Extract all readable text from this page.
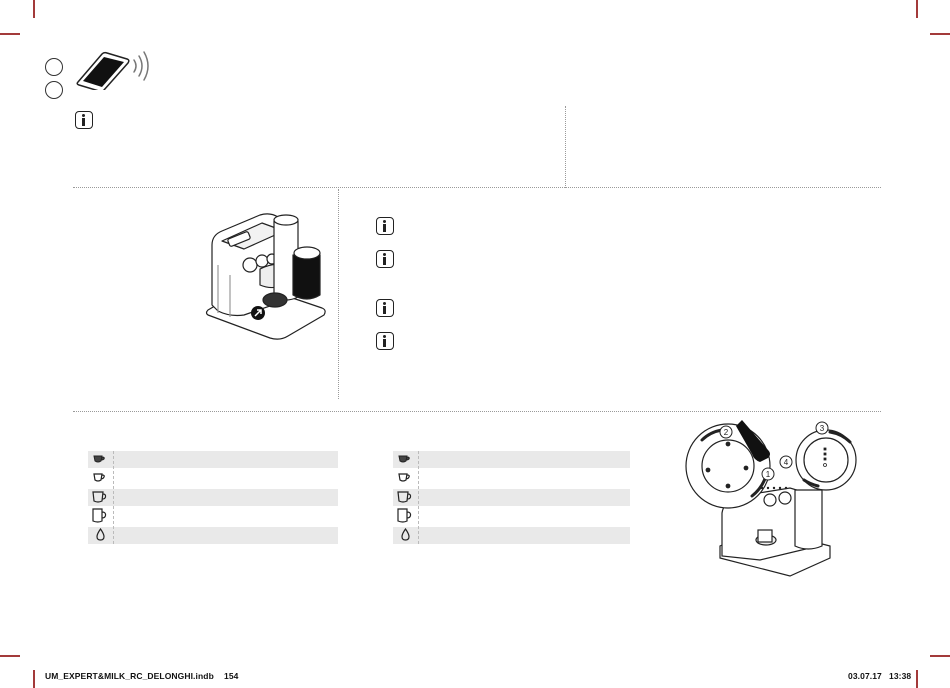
2	3
1
4
UM_EXPERT&MILK_RC_DELONGHI.indb 154	03.07.17 13:38
